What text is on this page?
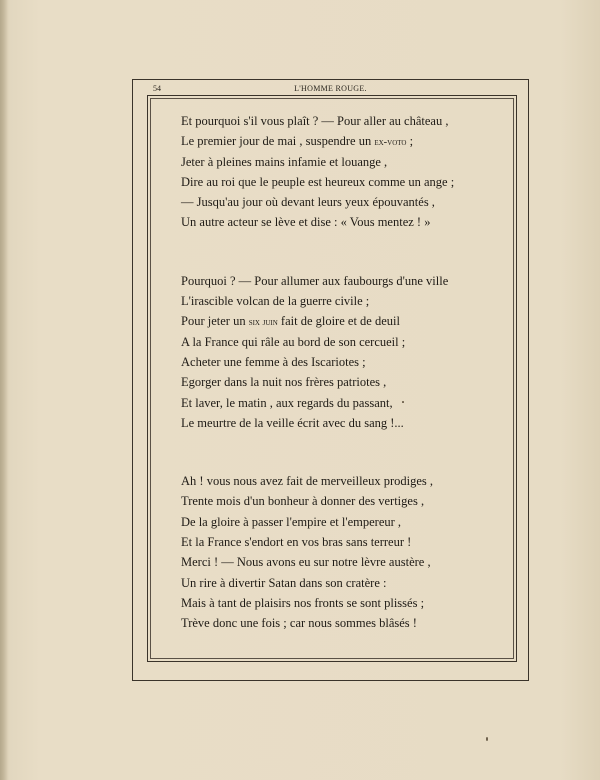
54	L'HOMME ROUGE.
Et pourquoi s'il vous plaît ? — Pour aller au château ,
Le premier jour de mai , suspendre un ex-voto ;
Jeter à pleines mains infamie et louange ,
Dire au roi que le peuple est heureux comme un ange ;
— Jusqu'au jour où devant leurs yeux épouvantés ,
Un autre acteur se lève et dise : « Vous mentez ! »
Pourquoi ? — Pour allumer aux faubourgs d'une ville
L'irascible volcan de la guerre civile ;
Pour jeter un six juin fait de gloire et de deuil
A la France qui râle au bord de son cercueil ;
Acheter une femme à des Iscariotes ;
Egorger dans la nuit nos frères patriotes ,
Et laver, le matin , aux regards du passant,
Le meurtre de la veille écrit avec du sang !...
Ah ! vous nous avez fait de merveilleux prodiges ,
Trente mois d'un bonheur à donner des vertiges ,
De la gloire à passer l'empire et l'empereur ,
Et la France s'endort en vos bras sans terreur !
Merci ! — Nous avons eu sur notre lèvre austère ,
Un rire à divertir Satan dans son cratère :
Mais à tant de plaisirs nos fronts se sont plissés ;
Trève donc une fois ; car nous sommes blâsés !
